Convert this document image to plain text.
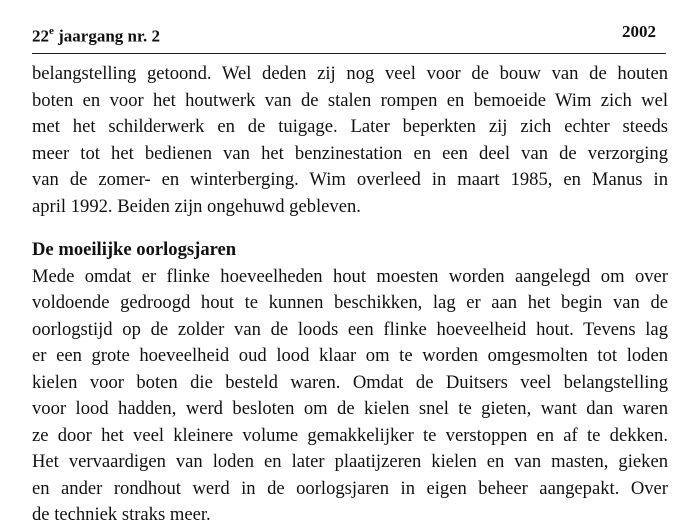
22e jaargang nr. 2	2002
belangstelling getoond. Wel deden zij nog veel voor de bouw van de houten
boten en voor het houtwerk van de stalen rompen en bemoeide Wim zich wel
met het schilderwerk en de tuigage. Later beperkten zij zich echter steeds
meer tot het bedienen van het benzinestation en een deel van de verzorging
van de zomer- en winterberging. Wim overleed in maart 1985, en Manus in
april 1992. Beiden zijn ongehuwd gebleven.
De moeilijke oorlogsjaren
Mede omdat er flinke hoeveelheden hout moesten worden aangelegd om over
voldoende gedroogd hout te kunnen beschikken, lag er aan het begin van de
oorlogstijd op de zolder van de loods een flinke hoeveelheid hout. Tevens lag
er een grote hoeveelheid oud lood klaar om te worden omgesmolten tot loden
kielen voor boten die besteld waren. Omdat de Duitsers veel belangstelling
voor lood hadden, werd besloten om de kielen snel te gieten, want dan waren
ze door het veel kleinere volume gemakkelijker te verstoppen en af te dekken.
Het vervaardigen van loden en later plaatijzeren kielen en van masten, gieken
en ander rondhout werd in de oorlogsjaren in eigen beheer aangepakt. Over
de techniek straks meer.
